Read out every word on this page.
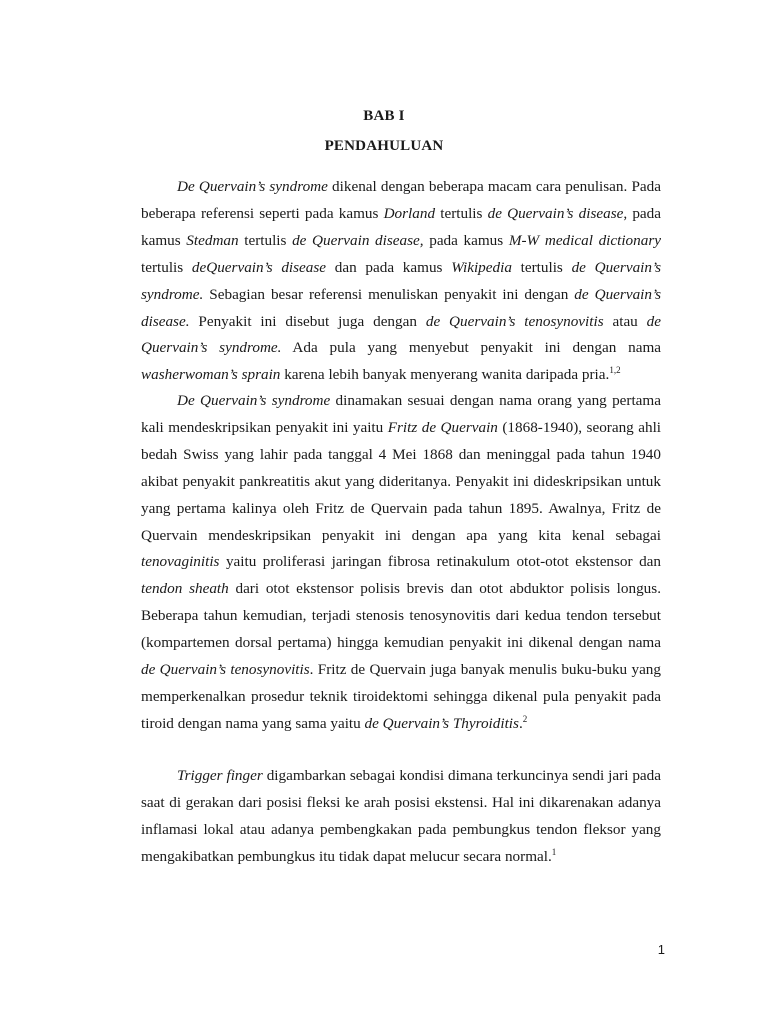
BAB I
PENDAHULUAN

De Quervain’s syndrome dikenal dengan beberapa macam cara penulisan. Pada beberapa referensi seperti pada kamus Dorland tertulis de Quervain’s disease, pada kamus Stedman tertulis de Quervain disease, pada kamus M-W medical dictionary tertulis deQuervain’s disease dan pada kamus Wikipedia tertulis de Quervain’s syndrome. Sebagian besar referensi menuliskan penyakit ini dengan de Quervain’s disease. Penyakit ini disebut juga dengan de Quervain’s tenosynovitis atau de Quervain’s syndrome. Ada pula yang menyebut penyakit ini dengan nama washerwoman’s sprain karena lebih banyak menyerang wanita daripada pria.$^{1,2}$

De Quervain’s syndrome dinamakan sesuai dengan nama orang yang pertama kali mendeskripsikan penyakit ini yaitu Fritz de Quervain (1868-1940), seorang ahli bedah Swiss yang lahir pada tanggal 4 Mei 1868 dan meninggal pada tahun 1940 akibat penyakit pankreatitis akut yang dideritanya. Penyakit ini dideskripsikan untuk yang pertama kalinya oleh Fritz de Quervain pada tahun 1895. Awalnya, Fritz de Quervain mendeskripsikan penyakit ini dengan apa yang kita kenal sebagai tenovaginitis yaitu proliferasi jaringan fibrosa retinakulum otot-otot ekstensor dan tendon sheath dari otot ekstensor polisis brevis dan otot abduktor polisis longus. Beberapa tahun kemudian, terjadi stenosis tenosynovitis dari kedua tendon tersebut (kompartemen dorsal pertama) hingga kemudian penyakit ini dikenal dengan nama de Quervain’s tenosynovitis. Fritz de Quervain juga banyak menulis buku-buku yang memperkenalkan prosedur teknik tiroidektomi sehingga dikenal pula penyakit pada tiroid dengan nama yang sama yaitu de Quervain’s Thyroiditis.$^2$

Trigger finger digambarkan sebagai kondisi dimana terkuncinya sendi jari pada saat di gerakan dari posisi fleksi ke arah posisi ekstensi. Hal ini dikarenakan adanya inflamasi lokal atau adanya pembengkakan pada pembungkus tendon fleksor yang mengakibatkan pembungkus itu tidak dapat melucur secara normal.$^1$

1
